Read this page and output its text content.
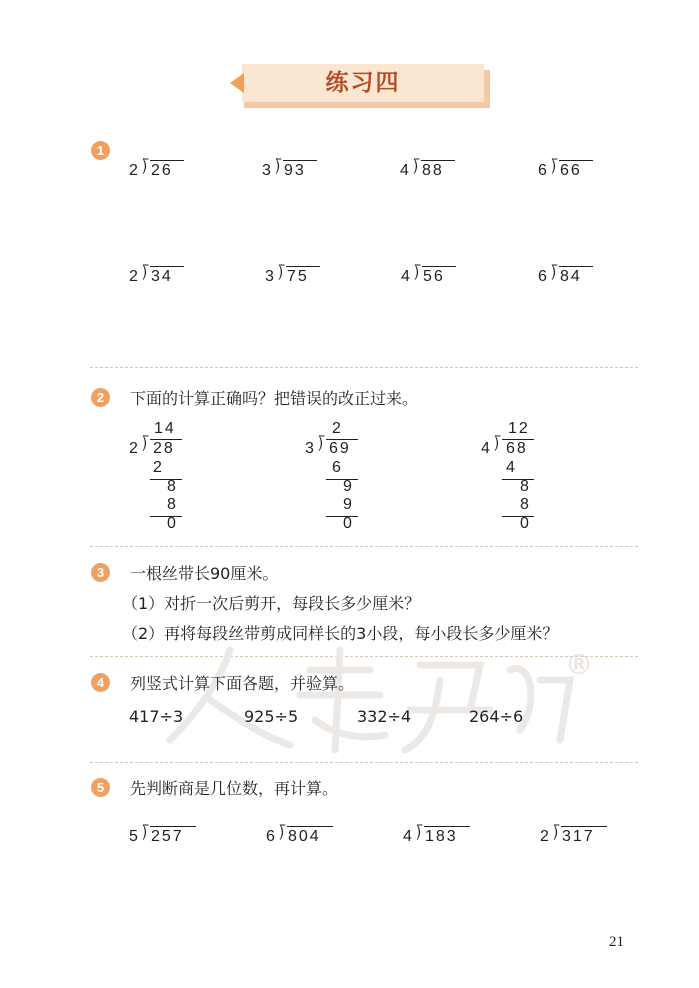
练习四
1
2 ⟌ 26	3 ⟌ 93	4 ⟌ 88	6 ⟌ 66
2 ⟌ 34	3 ⟌ 75	4 ⟌ 56	6 ⟌ 84
2	下面的计算正确吗？把错误的改正过来。
14
2 ⟌ 28
2
8
8
0
2
3 ⟌ 69
6
9
9
0
12
4 ⟌ 68
4
8
8
0
3	一根丝带长90厘米。
（1）对折一次后剪开，每段长多少厘米？
（2）再将每段丝带剪成同样长的3小段，每小段长多少厘米？
®
4	列竖式计算下面各题，并验算。
417÷3	925÷5	332÷4	264÷6
5	先判断商是几位数，再计算。
5 ⟌ 257	6 ⟌ 804	4 ⟌ 183	2 ⟌ 317
21
